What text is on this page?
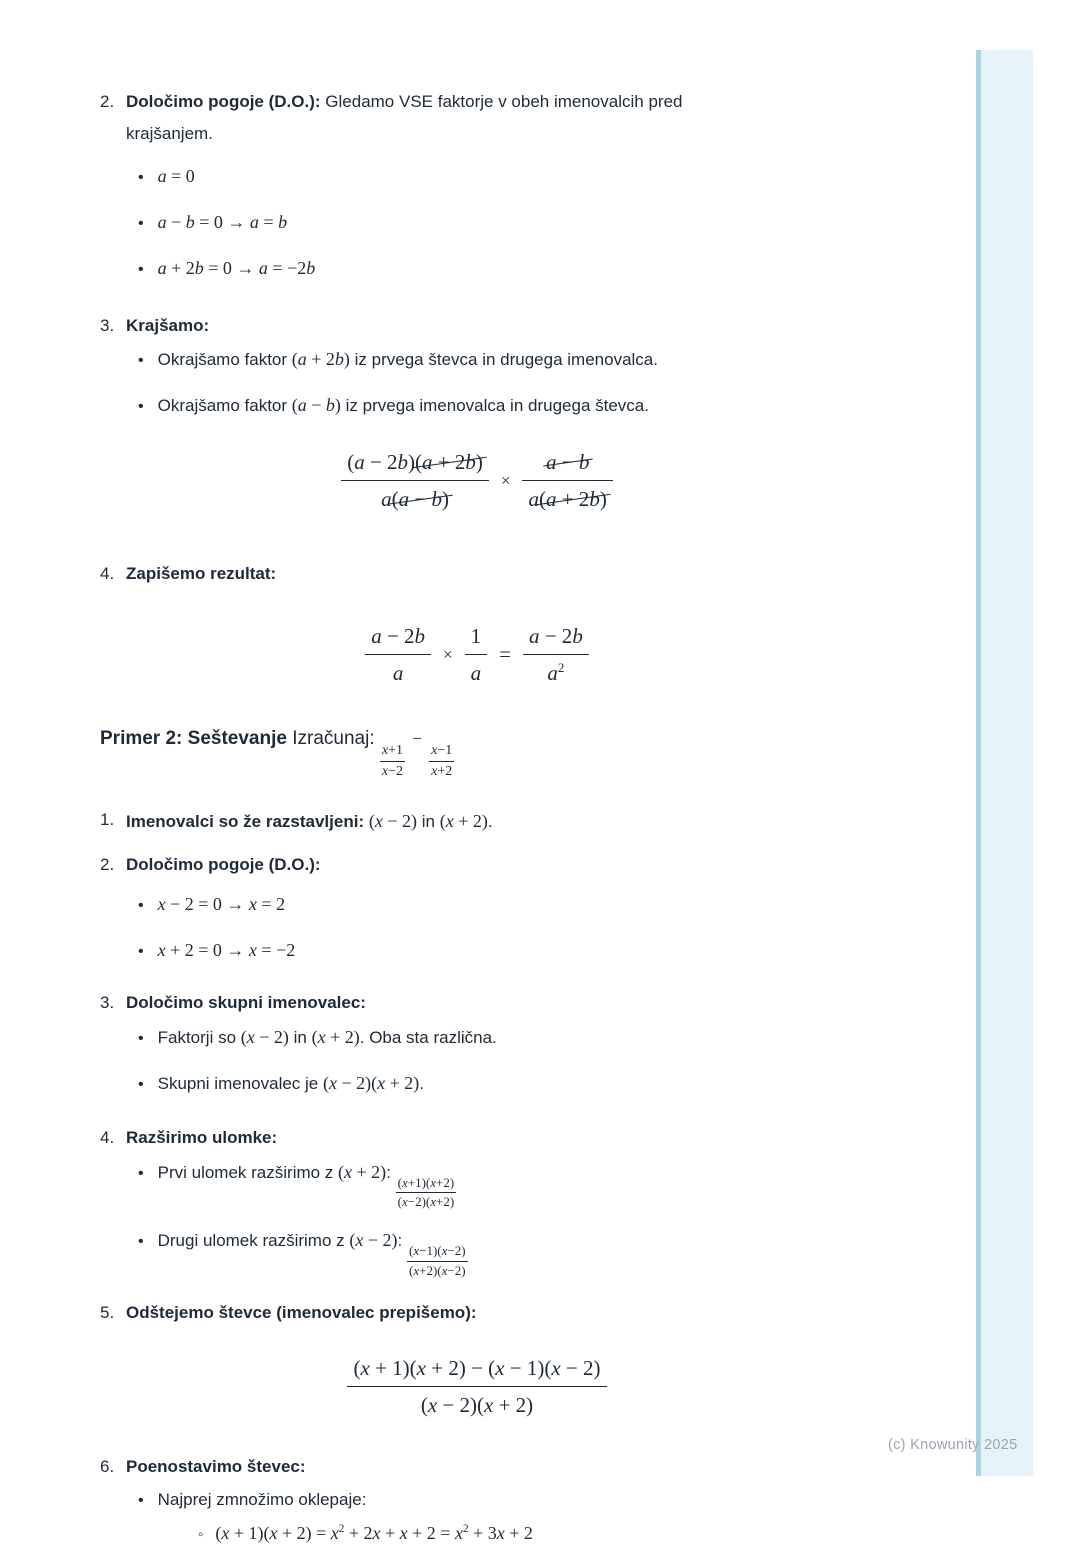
2. Določimo pogoje (D.O.): Gledamo VSE faktorje v obeh imenovalcih pred
krajšanjem.

• a = 0
• a − b = 0 → a = b
• a + 2b = 0 → a = −2b
3. Krajšamo:

• Okrajšamo faktor (a + 2b) iz prvega števca in drugega imenovalca.
• Okrajšamo faktor (a − b) iz prvega imenovalca in drugega števca.
(a − 2b)(a + 2b)
a(a − b)
×
a − b
a(a + 2b)
4. Zapišemo rezultat:

a − 2b
a
×
1
a
=
a − 2b
$a^2$

Primer 2: Seštevanje Izračunaj:
$\frac{x+1}{x-2}$
−
$\frac{x-1}{x+2}$

1. Imenovalci so že razstavljeni: (x − 2) in (x + 2).

2. Določimo pogoje (D.O.):

• x − 2 = 0 → x = 2
• x + 2 = 0 → x = −2
3. Določimo skupni imenovalec:

• Faktorji so (x − 2) in (x + 2). Oba sta različna.
• Skupni imenovalec je (x − 2)(x + 2).
4. Razširimo ulomke:

• Prvi ulomek razširimo z (x + 2):
$\frac{(x+1)(x+2)}{(x-2)(x+2)}$
• Drugi ulomek razširimo z (x − 2):
$\frac{(x-1)(x-2)}{(x+2)(x-2)}$
5. Odštejemo števce (imenovalec prepišemo):

(x + 1)(x + 2) − (x − 1)(x − 2)
(x − 2)(x + 2)
6. Poenostavimo števec:

• Najprej zmnožimo oklepaje:
◦ $(x + 1)(x + 2) = x^2 + 2x + x + 2 = x^2 + 3x + 2$
(c) Knowunity 2025
